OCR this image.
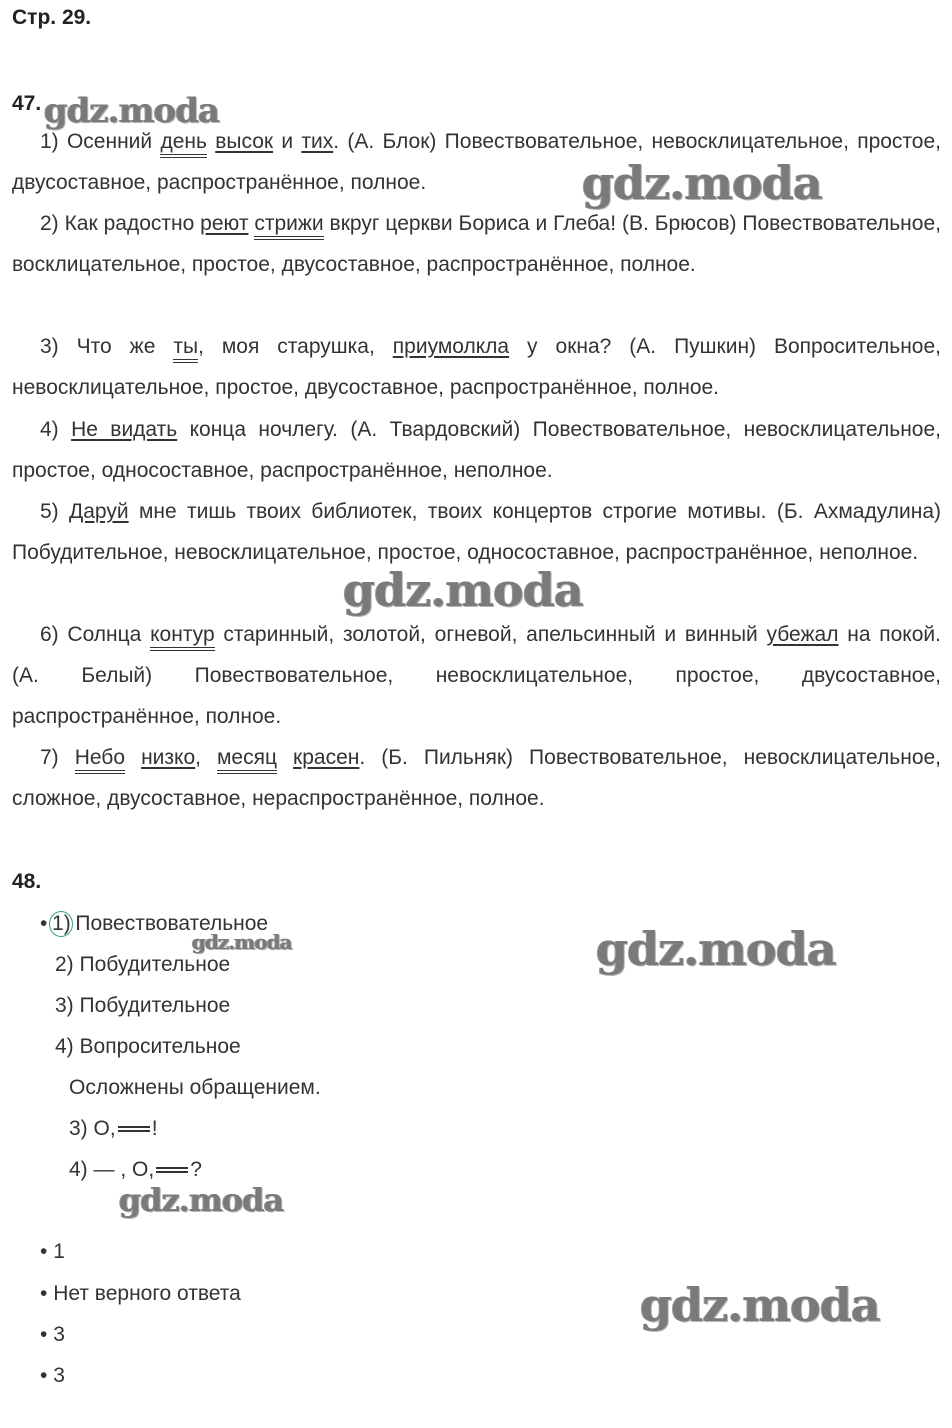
Стр. 29.
47.

1) Осенний день высок и тих. (А. Блок) Повествовательное, невосклицательное, простое, двусоставное, распространённое, полное.

2) Как радостно реют стрижи вкруг церкви Бориса и Глеба! (В. Брюсов) Повествовательное, восклицательное, простое, двусоставное, распространённое, полное.

3) Что же ты, моя старушка, приумолкла у окна? (А. Пушкин) Вопросительное, невосклицательное, простое, двусоставное, распространённое, полное.

4) Не видать конца ночлегу. (А. Твардовский) Повествовательное, невосклицательное, простое, односоставное, распространённое, неполное.

5) Даруй мне тишь твоих библиотек, твоих концертов строгие мотивы. (Б. Ахмадулина) Побудительное, невосклицательное, простое, односоставное, распространённое, неполное.

6) Солнца контур старинный, золотой, огневой, апельсинный и винный убежал на покой. (А. Белый) Повествовательное, невосклицательное, простое, двусоставное, распространённое, полное.

7) Небо низко, месяц красен. (Б. Пильняк) Повествовательное, невосклицательное, сложное, двусоставное, нераспространённое, полное.

48.
• 1) Повествовательное
2) Побудительное
3) Побудительное
4) Вопросительное
Осложнены обращением.
3) О, !
4) — , О, ?
• 1
• Нет верного ответа
• 3
• 3
gdz.moda
gdz.moda
gdz.moda
gdz.moda	gdz.moda
gdz.moda
gdz.moda
